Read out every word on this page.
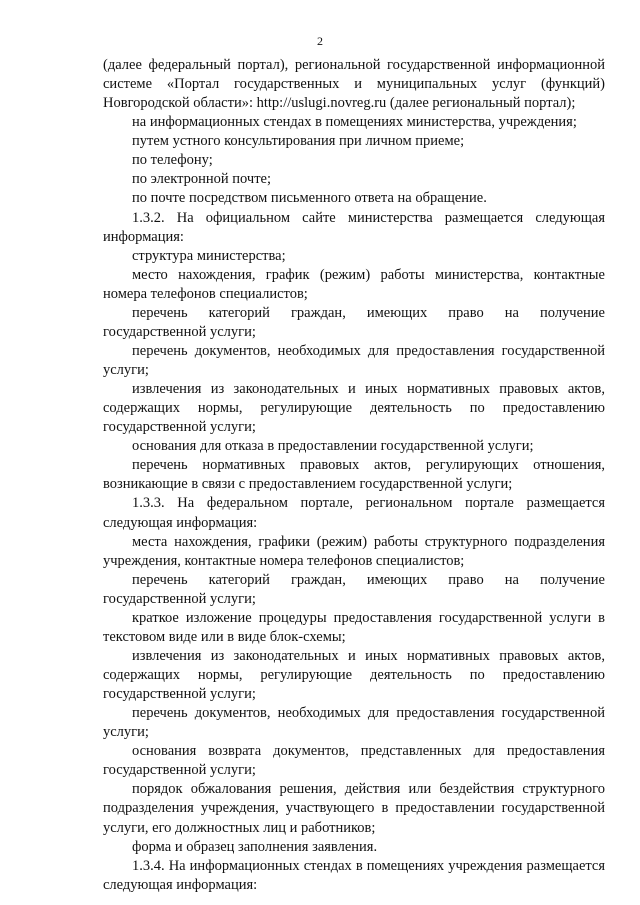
2

(далее федеральный портал), региональной государственной информационной системе «Портал государственных и муниципальных услуг (функций) Новгородской области»: http://uslugi.novreg.ru (далее региональный портал);

на информационных стендах в помещениях министерства, учреждения;

путем устного консультирования при личном приеме;

по телефону;

по электронной почте;

по почте посредством письменного ответа на обращение.

1.3.2. На официальном сайте министерства размещается следующая информация:

структура министерства;

место нахождения, график (режим) работы министерства, контактные номера телефонов специалистов;

перечень категорий граждан, имеющих право на получение государственной услуги;

перечень документов, необходимых для предоставления государственной услуги;

извлечения из законодательных и иных нормативных правовых актов, содержащих нормы, регулирующие деятельность по предоставлению государственной услуги;

основания для отказа в предоставлении государственной услуги;

перечень нормативных правовых актов, регулирующих отношения, возникающие в связи с предоставлением государственной услуги;

1.3.3. На федеральном портале, региональном портале размещается следующая информация:

места нахождения, графики (режим) работы структурного подразделения учреждения, контактные номера телефонов специалистов;

перечень категорий граждан, имеющих право на получение государственной услуги;

краткое изложение процедуры предоставления государственной услуги в текстовом виде или в виде блок-схемы;

извлечения из законодательных и иных нормативных правовых актов, содержащих нормы, регулирующие деятельность по предоставлению государственной услуги;

перечень документов, необходимых для предоставления государственной услуги;

основания возврата документов, представленных для предоставления государственной услуги;

порядок обжалования решения, действия или бездействия структурного подразделения учреждения, участвующего в предоставлении государственной услуги, его должностных лиц и работников;

форма и образец заполнения заявления.

1.3.4. На информационных стендах в помещениях учреждения размещается следующая информация:
